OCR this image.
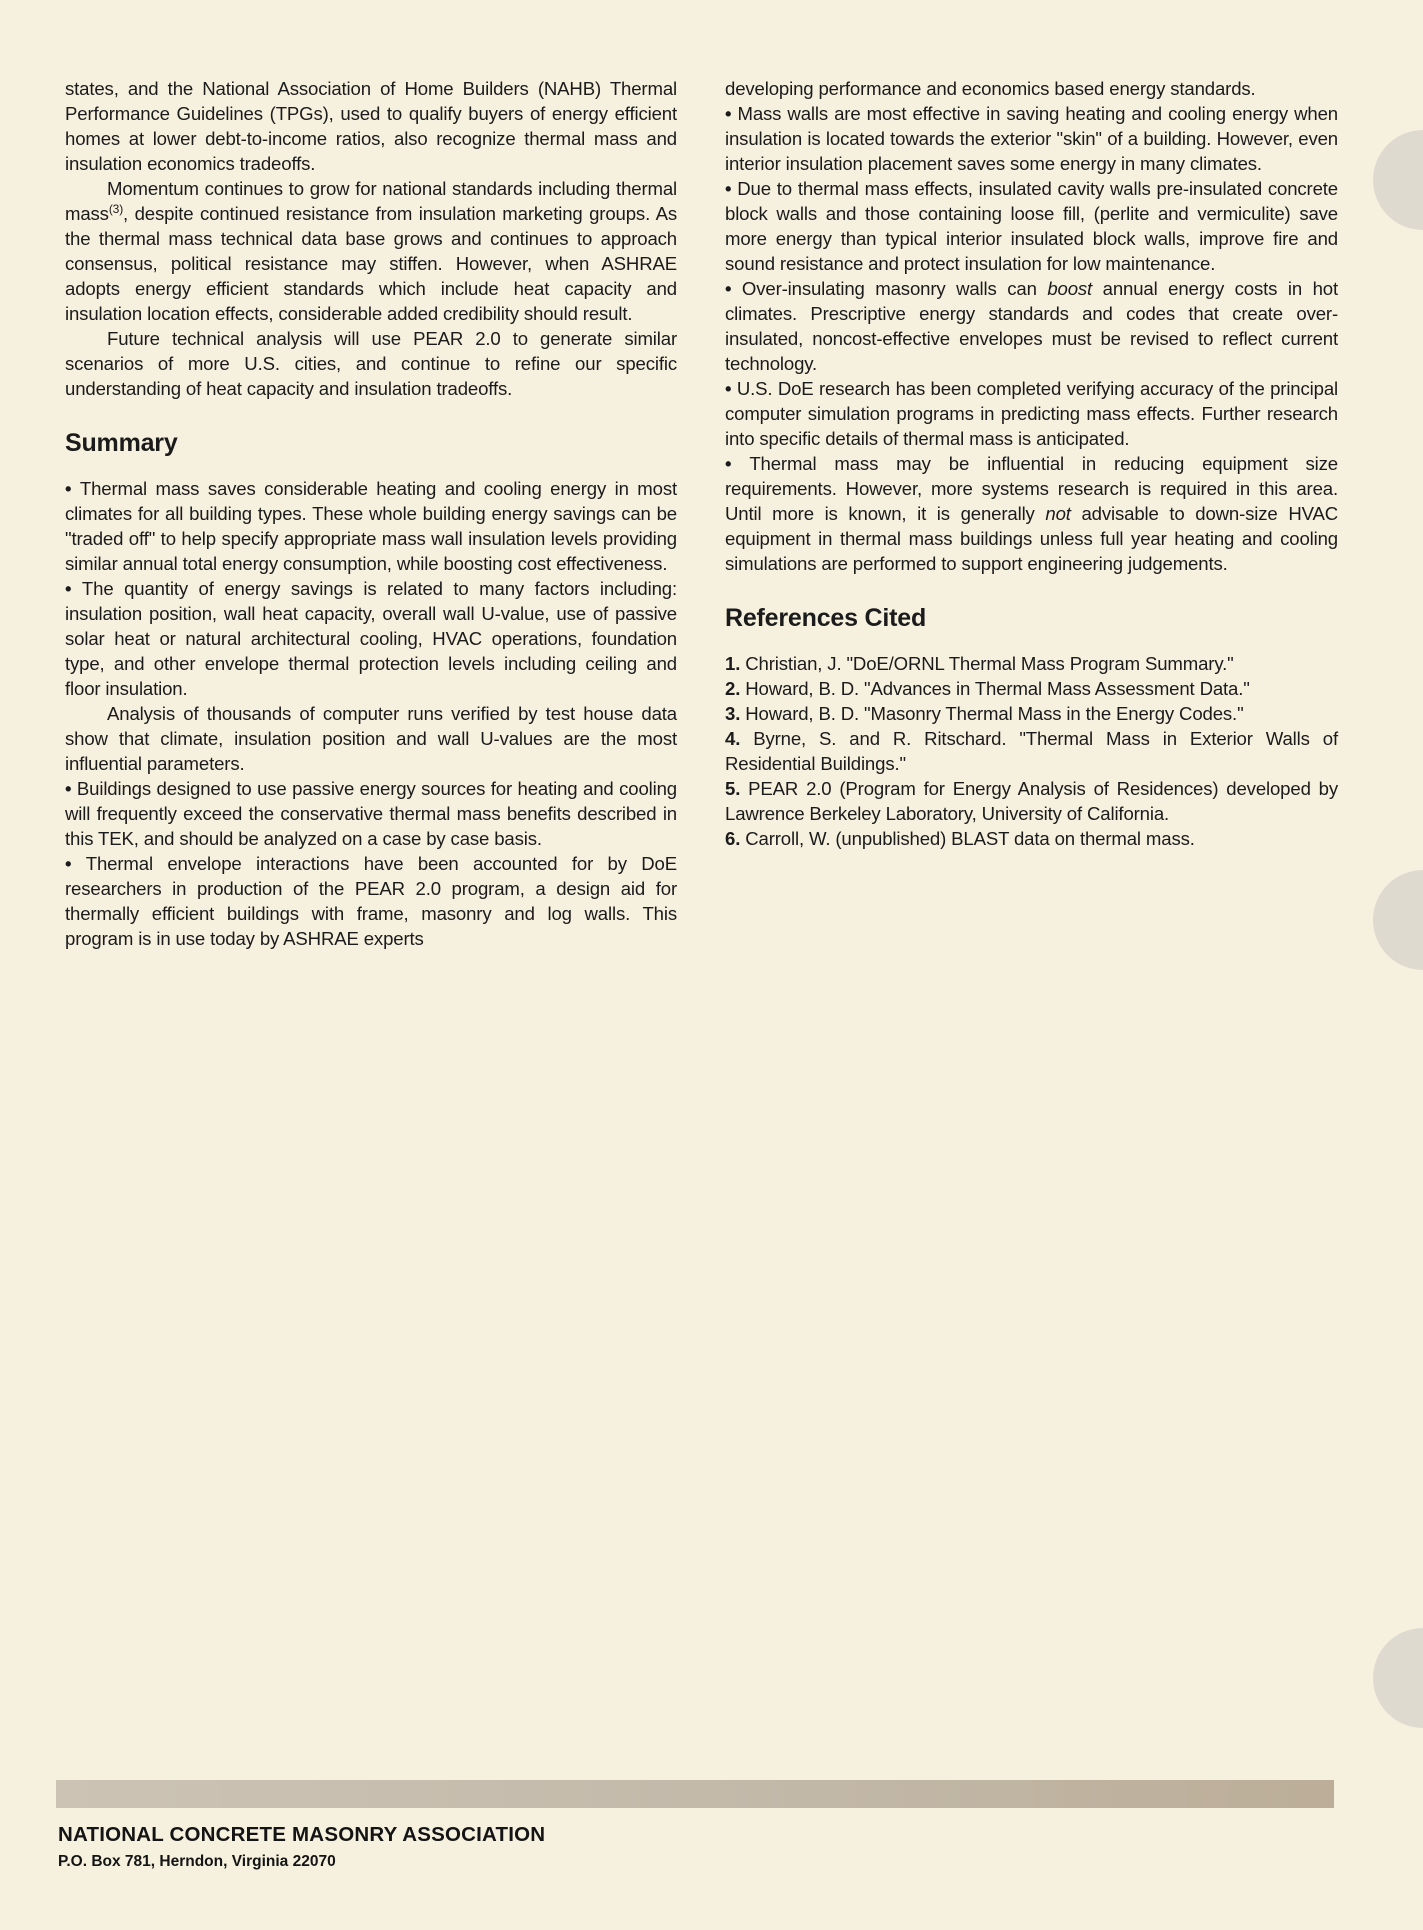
states, and the National Association of Home Builders (NAHB) Thermal Performance Guidelines (TPGs), used to qualify buyers of energy efficient homes at lower debt-to-income ratios, also recognize thermal mass and insulation economics tradeoffs.

Momentum continues to grow for national standards including thermal mass$^{(3)}$, despite continued resistance from insulation marketing groups. As the thermal mass technical data base grows and continues to approach consensus, political resistance may stiffen. However, when ASHRAE adopts energy efficient standards which include heat capacity and insulation location effects, considerable added credibility should result.

Future technical analysis will use PEAR 2.0 to generate similar scenarios of more U.S. cities, and continue to refine our specific understanding of heat capacity and insulation tradeoffs.

Summary

• Thermal mass saves considerable heating and cooling energy in most climates for all building types. These whole building energy savings can be "traded off" to help specify appropriate mass wall insulation levels providing similar annual total energy consumption, while boosting cost effectiveness.

• The quantity of energy savings is related to many factors including: insulation position, wall heat capacity, overall wall U-value, use of passive solar heat or natural architectural cooling, HVAC operations, foundation type, and other envelope thermal protection levels including ceiling and floor insulation.

Analysis of thousands of computer runs verified by test house data show that climate, insulation position and wall U-values are the most influential parameters.

• Buildings designed to use passive energy sources for heating and cooling will frequently exceed the conservative thermal mass benefits described in this TEK, and should be analyzed on a case by case basis.

• Thermal envelope interactions have been accounted for by DoE researchers in production of the PEAR 2.0 program, a design aid for thermally efficient buildings with frame, masonry and log walls. This program is in use today by ASHRAE experts

developing performance and economics based energy standards.

• Mass walls are most effective in saving heating and cooling energy when insulation is located towards the exterior "skin" of a building. However, even interior insulation placement saves some energy in many climates.

• Due to thermal mass effects, insulated cavity walls pre-insulated concrete block walls and those containing loose fill, (perlite and vermiculite) save more energy than typical interior insulated block walls, improve fire and sound resistance and protect insulation for low maintenance.

• Over-insulating masonry walls can boost annual energy costs in hot climates. Prescriptive energy standards and codes that create over-insulated, noncost-effective envelopes must be revised to reflect current technology.

• U.S. DoE research has been completed verifying accuracy of the principal computer simulation programs in predicting mass effects. Further research into specific details of thermal mass is anticipated.

• Thermal mass may be influential in reducing equipment size requirements. However, more systems research is required in this area. Until more is known, it is generally not advisable to down-size HVAC equipment in thermal mass buildings unless full year heating and cooling simulations are performed to support engineering judgements.

References Cited

1. Christian, J. "DoE/ORNL Thermal Mass Program Summary."

2. Howard, B. D. "Advances in Thermal Mass Assessment Data."

3. Howard, B. D. "Masonry Thermal Mass in the Energy Codes."

4. Byrne, S. and R. Ritschard. "Thermal Mass in Exterior Walls of Residential Buildings."

5. PEAR 2.0 (Program for Energy Analysis of Residences) developed by Lawrence Berkeley Laboratory, University of California.

6. Carroll, W. (unpublished) BLAST data on thermal mass.

NATIONAL CONCRETE MASONRY ASSOCIATION
P.O. Box 781, Herndon, Virginia 22070
